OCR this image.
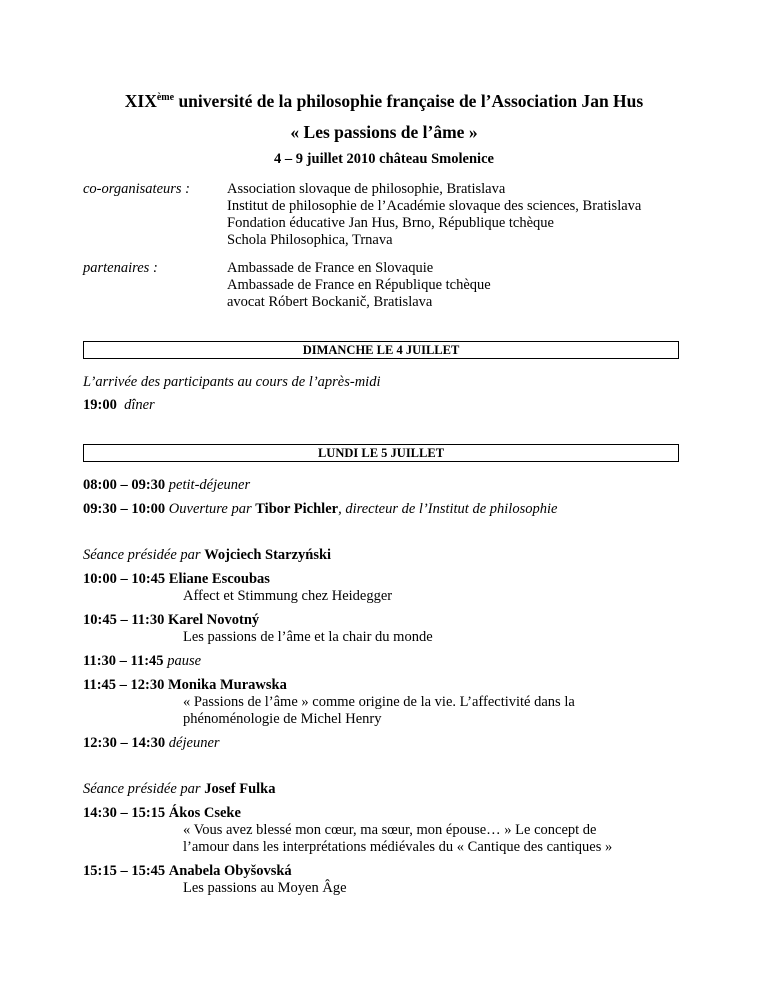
XIXème université de la philosophie française de l’Association Jan Hus
« Les passions de l’âme »
4 – 9 juillet 2010 château Smolenice
co-organisateurs :	Association slovaque de philosophie, Bratislava
Institut de philosophie de l’Académie slovaque des sciences, Bratislava
Fondation éducative Jan Hus, Brno, République tchèque
Schola Philosophica, Trnava
partenaires :	Ambassade de France en Slovaquie
Ambassade de France en République tchèque
avocat Róbert Bockanič, Bratislava
DIMANCHE LE 4 JUILLET
L’arrivée des participants au cours de l’après-midi
19:00 dîner
LUNDI LE 5 JUILLET
08:00 – 09:30 petit-déjeuner
09:30 – 10:00 Ouverture par Tibor Pichler, directeur de l’Institut de philosophie
Séance présidée par Wojciech Starzyński
10:00 – 10:45 Eliane Escoubas
Affect et Stimmung chez Heidegger
10:45 – 11:30 Karel Novotný
Les passions de l’âme et la chair du monde
11:30 – 11:45 pause
11:45 – 12:30 Monika Murawska
« Passions de l’âme » comme origine de la vie. L’affectivité dans la
phénoménologie de Michel Henry
12:30 – 14:30 déjeuner
Séance présidée par Josef Fulka
14:30 – 15:15 Ákos Cseke
« Vous avez blessé mon cœur, ma sœur, mon épouse… » Le concept de
l’amour dans les interprétations médiévales du « Cantique des cantiques »
15:15 – 15:45 Anabela Obyšovská
Les passions au Moyen Âge
